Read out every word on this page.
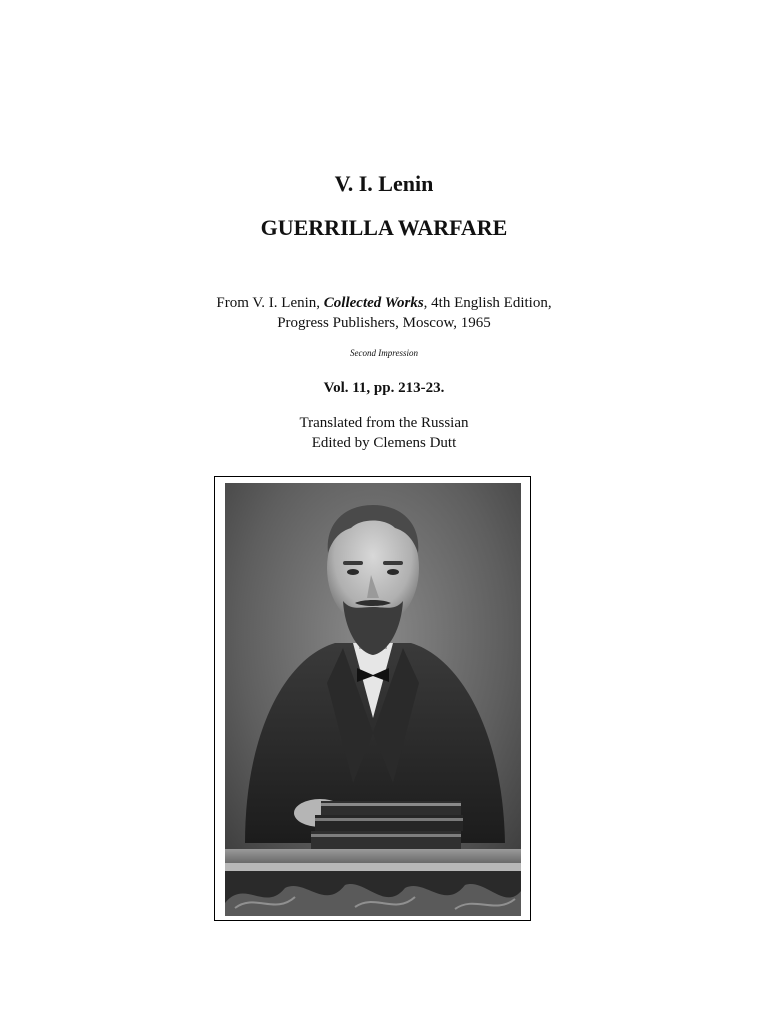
V. I. Lenin
GUERRILLA WARFARE
From V. I. Lenin, Collected Works, 4th English Edition,
Progress Publishers, Moscow, 1965
Second Impression
Vol. 11, pp. 213-23.
Translated from the Russian
Edited by Clemens Dutt
